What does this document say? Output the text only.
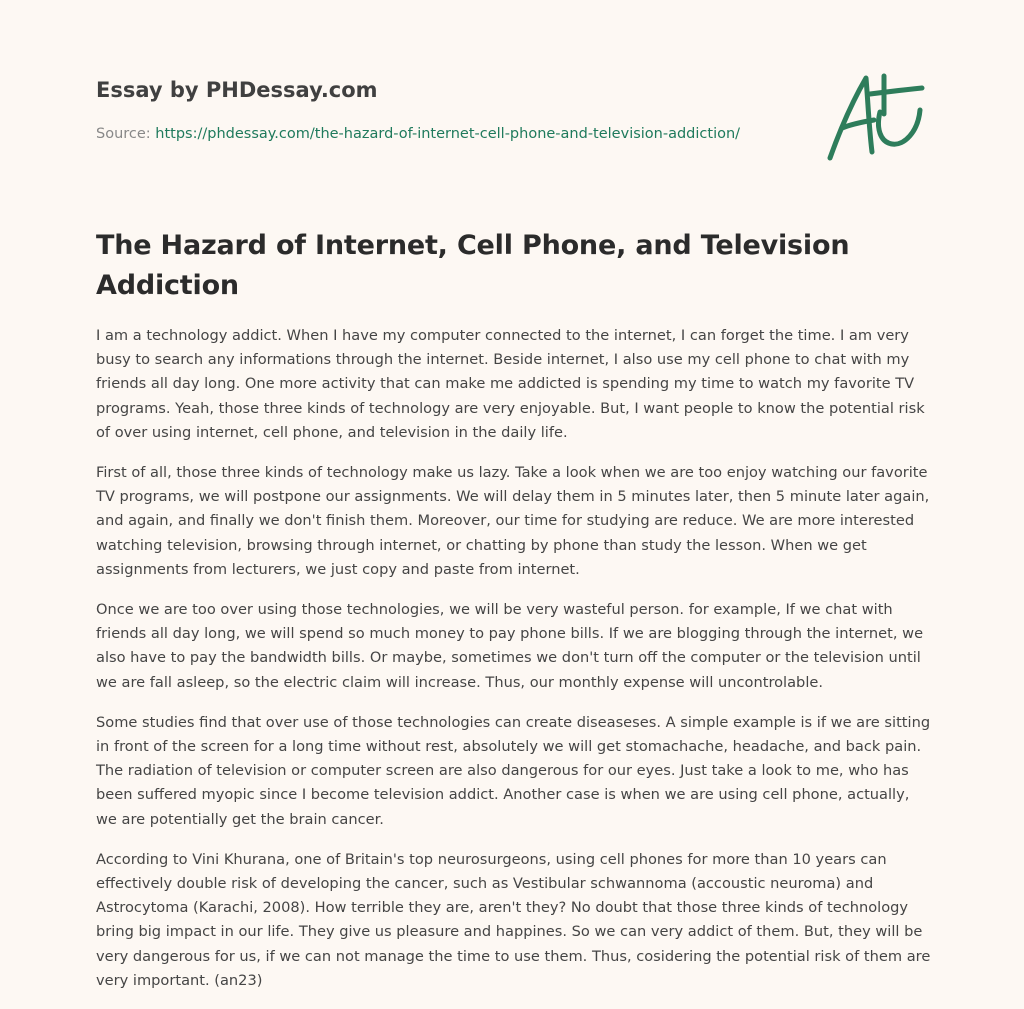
Essay by PHDessay.com
Source: https://phdessay.com/the-hazard-of-internet-cell-phone-and-television-addiction/
The Hazard of Internet, Cell Phone, and Television Addiction

I am a technology addict. When I have my computer connected to the internet, I can forget the time. I am very busy to search any informations through the internet. Beside internet, I also use my cell phone to chat with my friends all day long. One more activity that can make me addicted is spending my time to watch my favorite TV programs. Yeah, those three kinds of technology are very enjoyable. But, I want people to know the potential risk of over using internet, cell phone, and television in the daily life.

First of all, those three kinds of technology make us lazy. Take a look when we are too enjoy watching our favorite TV programs, we will postpone our assignments. We will delay them in 5 minutes later, then 5 minute later again, and again, and finally we don't finish them. Moreover, our time for studying are reduce. We are more interested watching television, browsing through internet, or chatting by phone than study the lesson. When we get assignments from lecturers, we just copy and paste from internet.

Once we are too over using those technologies, we will be very wasteful person. for example, If we chat with friends all day long, we will spend so much money to pay phone bills. If we are blogging through the internet, we also have to pay the bandwidth bills. Or maybe, sometimes we don't turn off the computer or the television until we are fall asleep, so the electric claim will increase. Thus, our monthly expense will uncontrolable.

Some studies find that over use of those technologies can create diseaseses. A simple example is if we are sitting in front of the screen for a long time without rest, absolutely we will get stomachache, headache, and back pain. The radiation of television or computer screen are also dangerous for our eyes. Just take a look to me, who has been suffered myopic since I become television addict. Another case is when we are using cell phone, actually, we are potentially get the brain cancer.

According to Vini Khurana, one of Britain's top neurosurgeons, using cell phones for more than 10 years can effectively double risk of developing the cancer, such as Vestibular schwannoma (accoustic neuroma) and Astrocytoma (Karachi, 2008). How terrible they are, aren't they? No doubt that those three kinds of technology bring big impact in our life. They give us pleasure and happines. So we can very addict of them. But, they will be very dangerous for us, if we can not manage the time to use them. Thus, cosidering the potential risk of them are very important. (an23)
